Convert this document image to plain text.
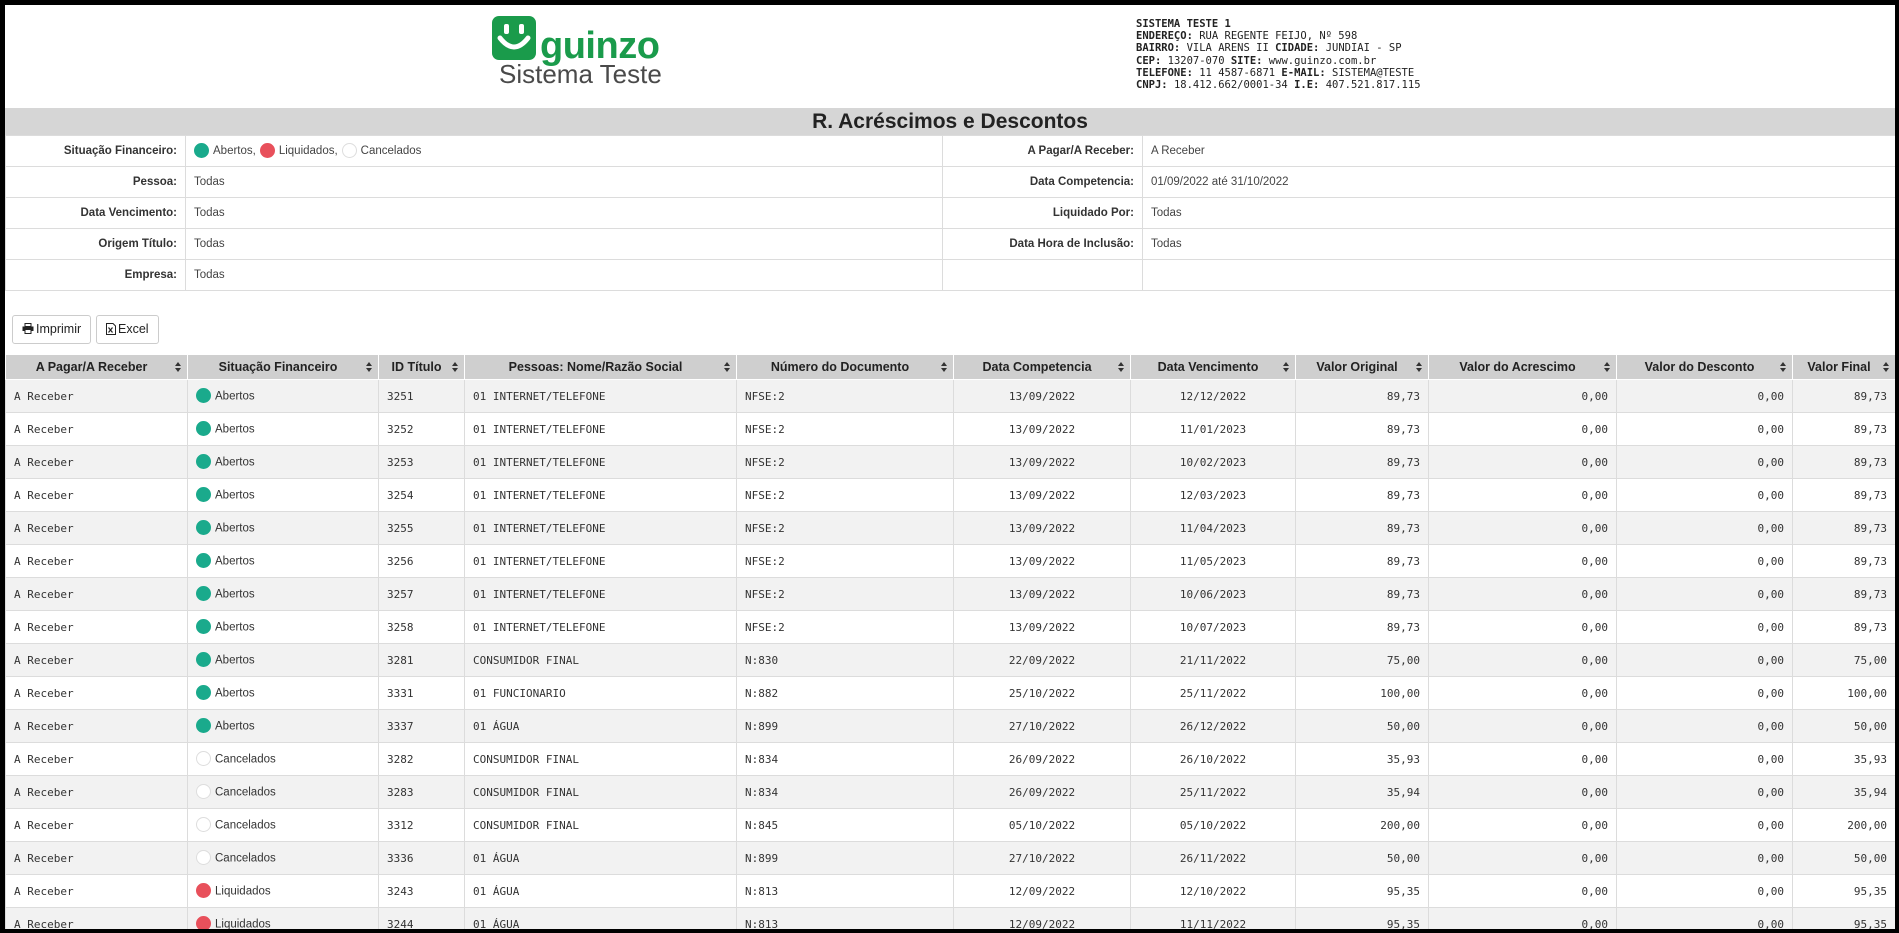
guinzo
Sistema Teste
SISTEMA TESTE 1
ENDEREÇO: RUA REGENTE FEIJO, Nº 598
BAIRRO: VILA ARENS II CIDADE: JUNDIAI - SP
CEP: 13207-070 SITE: www.guinzo.com.br
TELEFONE: 11 4587-6871 E-MAIL: SISTEMA@TESTE
CNPJ: 18.412.662/0001-34 I.E: 407.521.817.115
R. Acréscimos e Descontos
Situação Financeiro:	Abertos, Liquidados, Cancelados	A Pagar/A Receber:	A Receber
Pessoa:	Todas	Data Competencia:	01/09/2022 até 31/10/2022
Data Vencimento:	Todas	Liquidado Por:	Todas
Origem Título:	Todas	Data Hora de Inclusão:	Todas
Empresa:	Todas		
Imprimir	Excel
A Pagar/A Receber	Situação Financeiro	ID Título	Pessoas: Nome/Razão Social	Número do Documento	Data Competencia	Data Vencimento	Valor Original	Valor do Acrescimo	Valor do Desconto	Valor Final

A Receber	Abertos	3251	01 INTERNET/TELEFONE	NFSE:2	13/09/2022	12/12/2022	89,73	0,00	0,00	89,73
A Receber	Abertos	3252	01 INTERNET/TELEFONE	NFSE:2	13/09/2022	11/01/2023	89,73	0,00	0,00	89,73
A Receber	Abertos	3253	01 INTERNET/TELEFONE	NFSE:2	13/09/2022	10/02/2023	89,73	0,00	0,00	89,73
A Receber	Abertos	3254	01 INTERNET/TELEFONE	NFSE:2	13/09/2022	12/03/2023	89,73	0,00	0,00	89,73
A Receber	Abertos	3255	01 INTERNET/TELEFONE	NFSE:2	13/09/2022	11/04/2023	89,73	0,00	0,00	89,73
A Receber	Abertos	3256	01 INTERNET/TELEFONE	NFSE:2	13/09/2022	11/05/2023	89,73	0,00	0,00	89,73
A Receber	Abertos	3257	01 INTERNET/TELEFONE	NFSE:2	13/09/2022	10/06/2023	89,73	0,00	0,00	89,73
A Receber	Abertos	3258	01 INTERNET/TELEFONE	NFSE:2	13/09/2022	10/07/2023	89,73	0,00	0,00	89,73
A Receber	Abertos	3281	CONSUMIDOR FINAL	N:830	22/09/2022	21/11/2022	75,00	0,00	0,00	75,00
A Receber	Abertos	3331	01 FUNCIONARIO	N:882	25/10/2022	25/11/2022	100,00	0,00	0,00	100,00
A Receber	Abertos	3337	01 ÁGUA	N:899	27/10/2022	26/12/2022	50,00	0,00	0,00	50,00
A Receber	Cancelados	3282	CONSUMIDOR FINAL	N:834	26/09/2022	26/10/2022	35,93	0,00	0,00	35,93
A Receber	Cancelados	3283	CONSUMIDOR FINAL	N:834	26/09/2022	25/11/2022	35,94	0,00	0,00	35,94
A Receber	Cancelados	3312	CONSUMIDOR FINAL	N:845	05/10/2022	05/10/2022	200,00	0,00	0,00	200,00
A Receber	Cancelados	3336	01 ÁGUA	N:899	27/10/2022	26/11/2022	50,00	0,00	0,00	50,00
A Receber	Liquidados	3243	01 ÁGUA	N:813	12/09/2022	12/10/2022	95,35	0,00	0,00	95,35
A Receber	Liquidados	3244	01 ÁGUA	N:813	12/09/2022	11/11/2022	95,35	0,00	0,00	95,35
